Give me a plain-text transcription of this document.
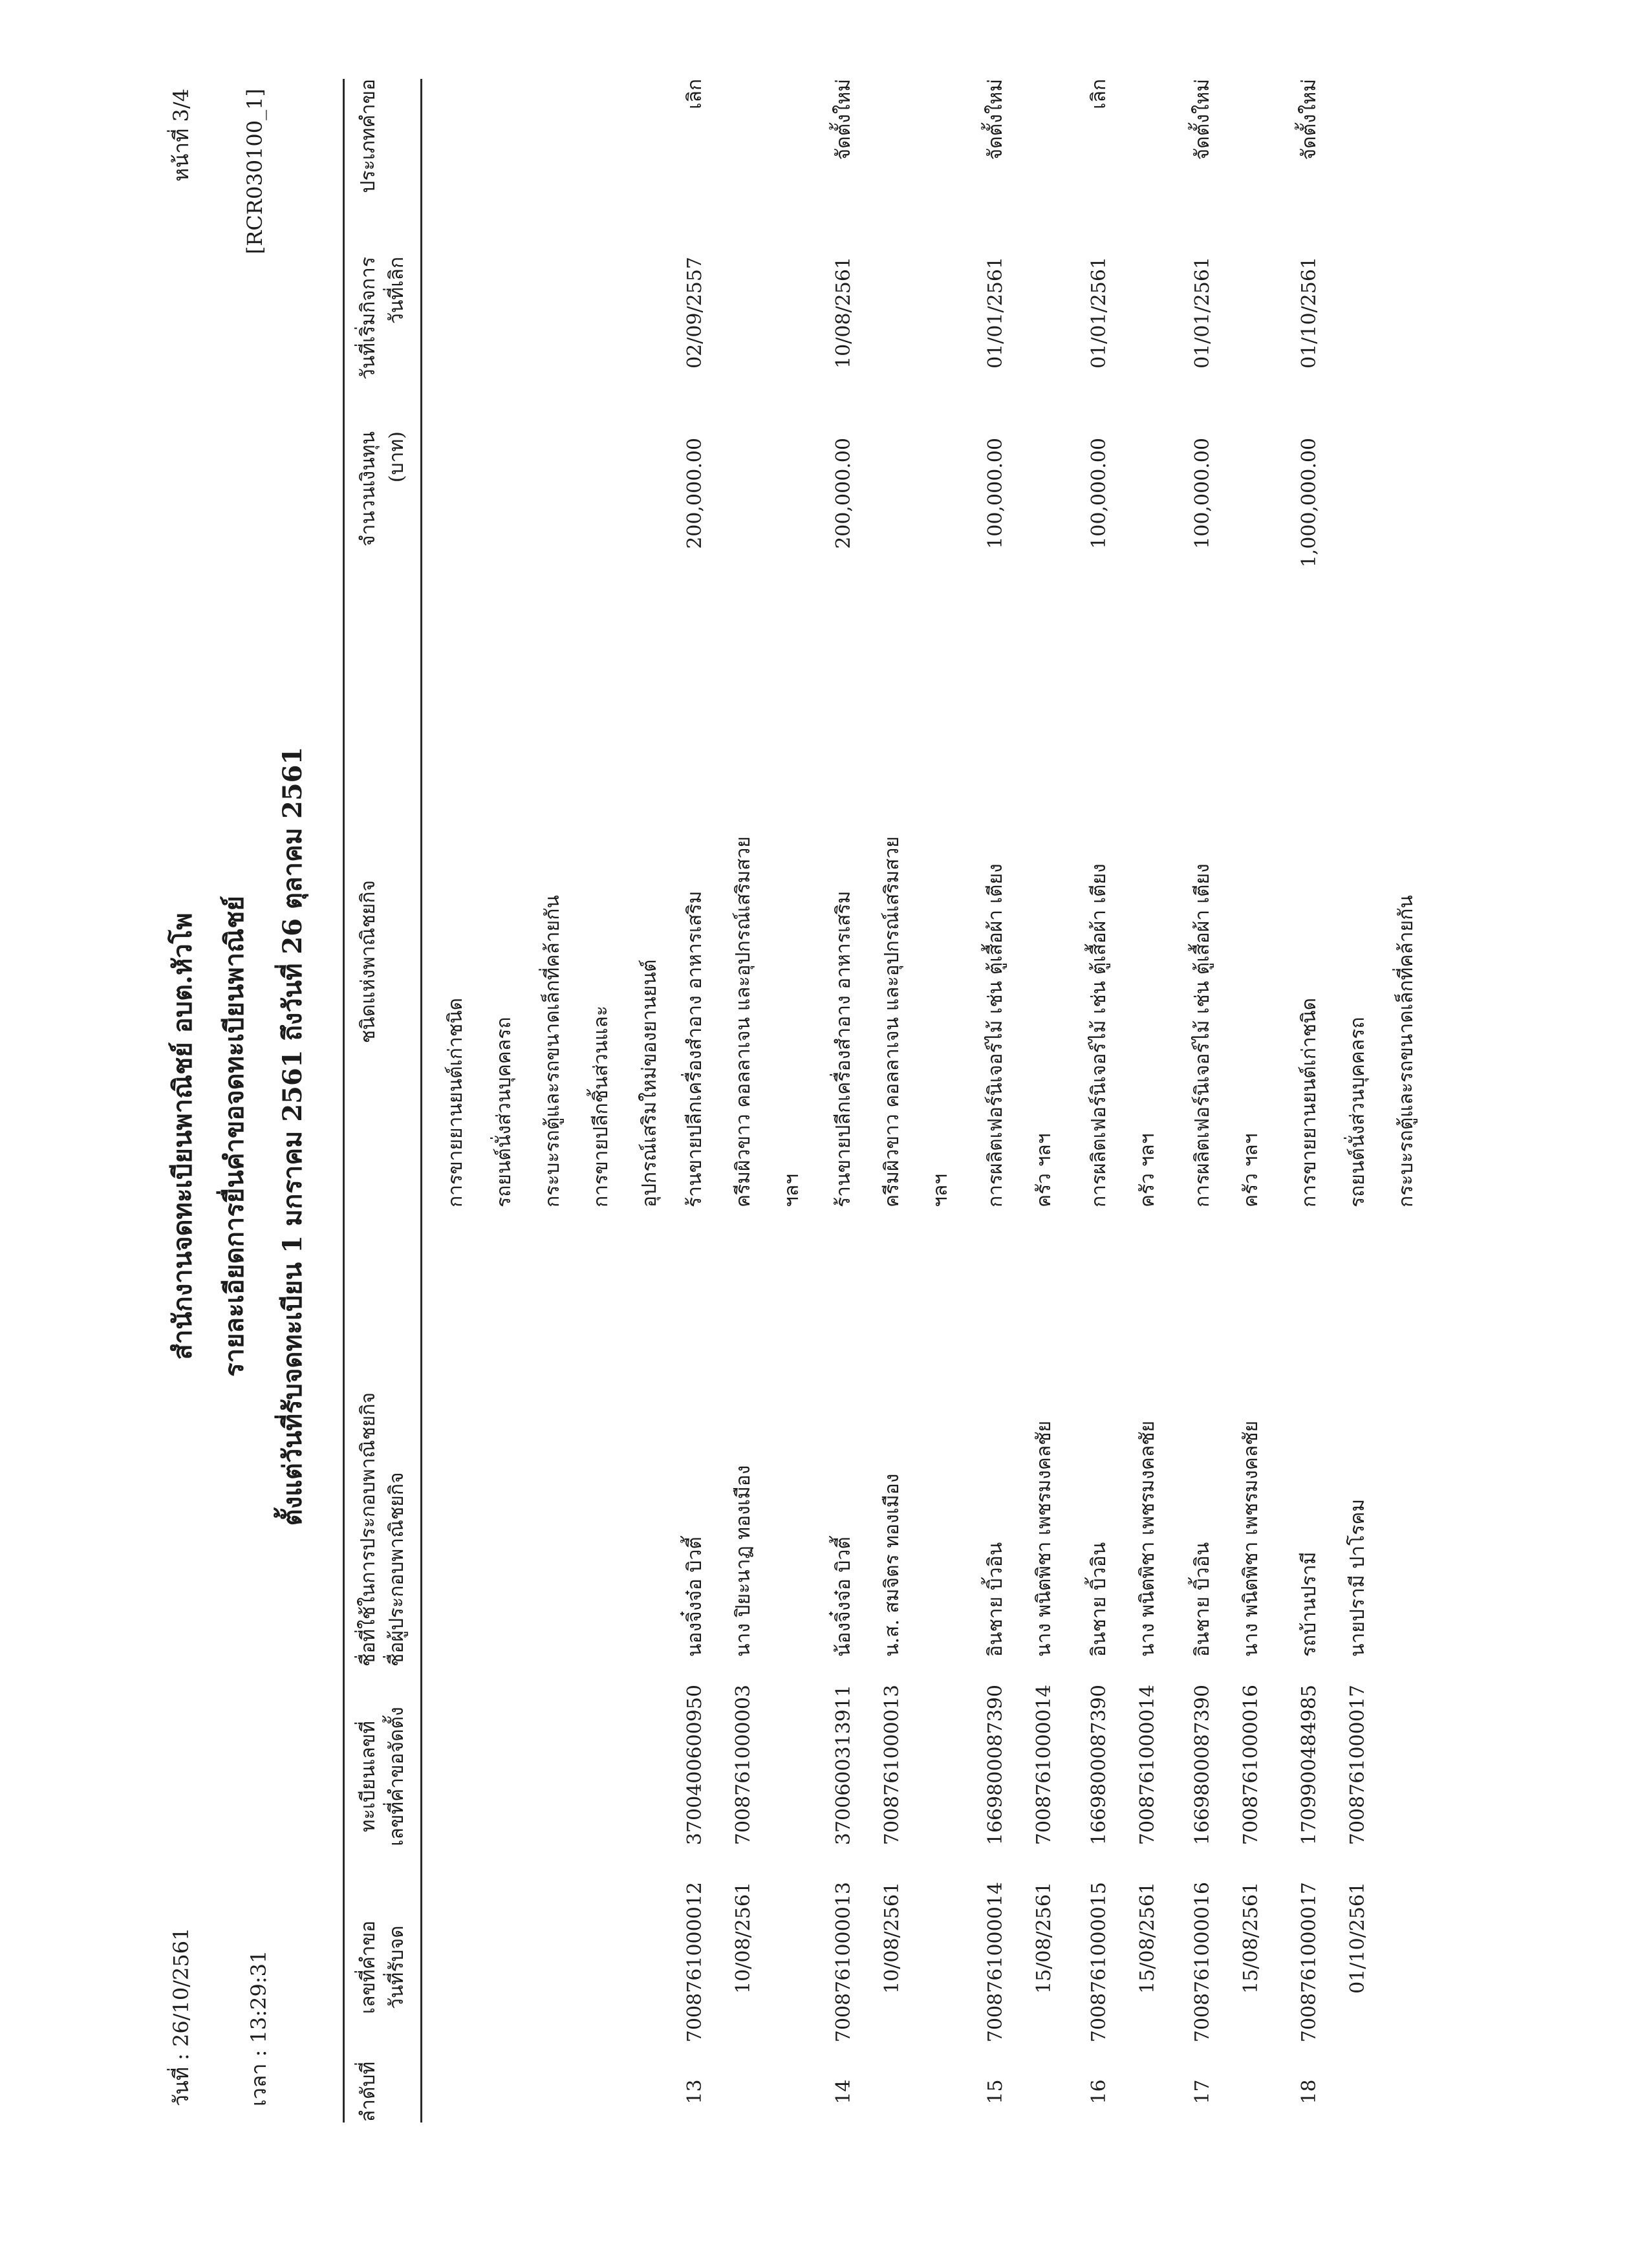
วันที่ : 26/10/2561	เวลา : 13:29:31
สำนักงานจดทะเบียนพาณิชย์ อบต.หัวโพ รายละเอียดการยื่นคำขอจดทะเบียนพาณิชย์ ตั้งแต่วันที่รับจดทะเบียน 1 มกราคม 2561 ถึงวันที่ 26 ตุลาคม 2561
หน้าที่ 3/4 [RCR030100_1]
ลำดับที่
เลขที่คำขอ วันที่รับจด
ทะเบียนเลขที่ เลขที่คำขอจัดตั้ง
ชื่อที่ใช้ในการประกอบพาณิชยกิจ ชื่อผู้ประกอบพาณิชยกิจ
ชนิดแห่งพาณิชยกิจ
จำนวนเงินทุน (บาท)
วันที่เริ่มกิจการ วันที่เลิก
ประเภทคำขอ
การขายยานยนต์เก่าชนิด รถยนต์นั่งส่วนบุคคลรถ กระบะรถตู้และรถขนาดเล็กที่คล้ายกัน การขายปลีกชิ้นส่วนและ อุปกรณ์เสริมใหม่ของยานยนต์
13
7008761000012 10/08/2561
3700400600950 7008761000003
นองจิ๋งจ๋อ บิวตี้ นาง ปิยะนาฏ ทองเมือง
ร้านขายปลีกเครื่องสำอาง อาหารเสริม ครีมผิวขาว คอลลาเจน และอุปกรณ์เสริมสวย ฯลฯ
200,000.00
02/09/2557
เลิก
14
7008761000013 10/08/2561
3700600313911 7008761000013
น้องจิ๋งจ๋อ บิวตี้ น.ส. สมจิตร ทองเมือง
ร้านขายปลีกเครื่องสำอาง อาหารเสริม ครีมผิวขาว คอลลาเจน และอุปกรณ์เสริมสวย ฯลฯ
200,000.00
10/08/2561
จัดตั้งใหม่
15
7008761000014 15/08/2561
1669800087390 7008761000014
อินชาย บิ้วอิน นาง พนิตพิชา เพชรมงคลชัย
การผลิตเฟอร์นิเจอร์ไม้ เช่น ตู้เสื้อผ้า เตียง ครัว ฯลฯ
100,000.00
01/01/2561
จัดตั้งใหม่
16
7008761000015 15/08/2561
1669800087390 7008761000014
อินชาย บิ้วอิน นาง พนิตพิชา เพชรมงคลชัย
การผลิตเฟอร์นิเจอร์ไม้ เช่น ตู้เสื้อผ้า เตียง ครัว ฯลฯ
100,000.00
01/01/2561
เลิก
17
7008761000016 15/08/2561
1669800087390 7008761000016
อินชาย บิ้วอิน นาง พนิตพิชา เพชรมงคลชัย
การผลิตเฟอร์นิเจอร์ไม้ เช่น ตู้เสื้อผ้า เตียง ครัว ฯลฯ
100,000.00
01/01/2561
จัดตั้งใหม่
18
7008761000017 01/10/2561
1709900484985 7008761000017
รถบ้านปรามี นายปรามี ปาโรคม
การขายยานยนต์เก่าชนิด รถยนต์นั่งส่วนบุคคลรถ กระบะรถตู้และรถขนาดเล็กที่คล้ายกัน
1,000,000.00
01/10/2561
จัดตั้งใหม่
